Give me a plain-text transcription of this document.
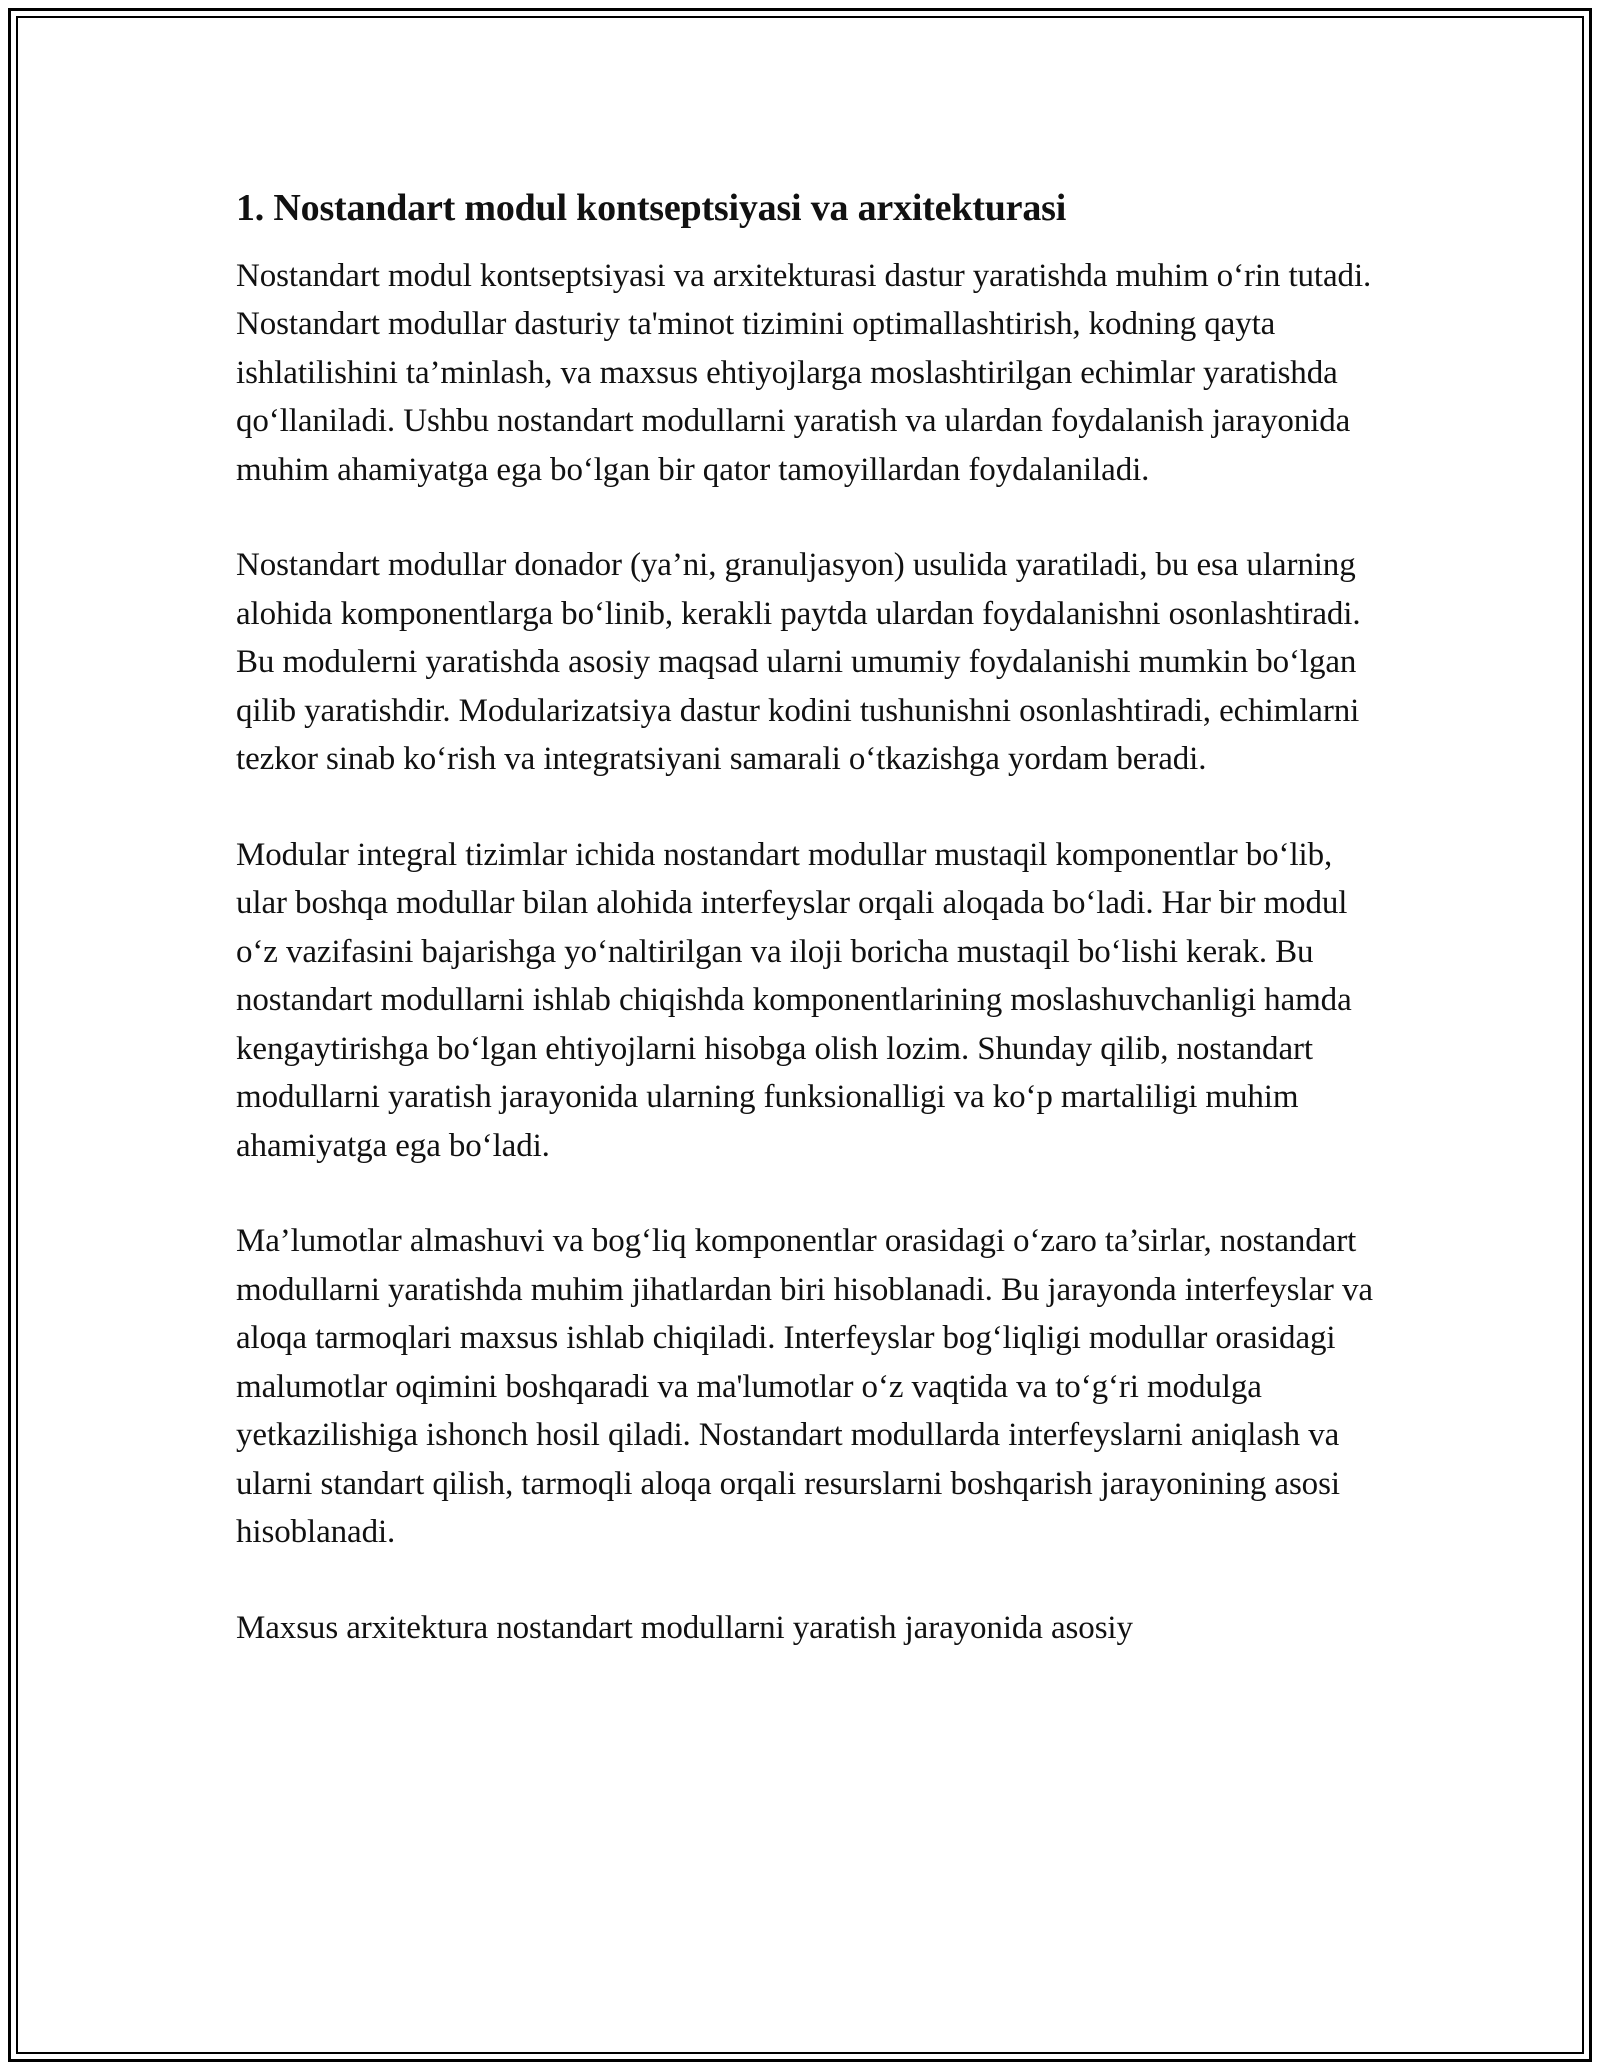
1. Nostandart modul kontseptsiyasi va arxitekturasi

Nostandart modul kontseptsiyasi va arxitekturasi dastur yaratishda muhim o‘rin tutadi. Nostandart modullar dasturiy ta'minot tizimini optimallashtirish, kodning qayta ishlatilishini ta’minlash, va maxsus ehtiyojlarga moslashtirilgan echimlar yaratishda qo‘llaniladi. Ushbu nostandart modullarni yaratish va ulardan foydalanish jarayonida muhim ahamiyatga ega bo‘lgan bir qator tamoyillardan foydalaniladi.

Nostandart modullar donador (ya’ni, granuljasyon) usulida yaratiladi, bu esa ularning alohida komponentlarga bo‘linib, kerakli paytda ulardan foydalanishni osonlashtiradi. Bu modulerni yaratishda asosiy maqsad ularni umumiy foydalanishi mumkin bo‘lgan qilib yaratishdir. Modularizatsiya dastur kodini tushunishni osonlashtiradi, echimlarni tezkor sinab ko‘rish va integratsiyani samarali o‘tkazishga yordam beradi.

Modular integral tizimlar ichida nostandart modullar mustaqil komponentlar bo‘lib, ular boshqa modullar bilan alohida interfeyslar orqali aloqada bo‘ladi. Har bir modul o‘z vazifasini bajarishga yo‘naltirilgan va iloji boricha mustaqil bo‘lishi kerak. Bu nostandart modullarni ishlab chiqishda komponentlarining moslashuvchanligi hamda kengaytirishga bo‘lgan ehtiyojlarni hisobga olish lozim. Shunday qilib, nostandart modullarni yaratish jarayonida ularning funksionalligi va ko‘p martaliligi muhim ahamiyatga ega bo‘ladi.

Ma’lumotlar almashuvi va bog‘liq komponentlar orasidagi o‘zaro ta’sirlar, nostandart modullarni yaratishda muhim jihatlardan biri hisoblanadi. Bu jarayonda interfeyslar va aloqa tarmoqlari maxsus ishlab chiqiladi. Interfeyslar bog‘liqligi modullar orasidagi malumotlar oqimini boshqaradi va ma'lumotlar o‘z vaqtida va to‘g‘ri modulga yetkazilishiga ishonch hosil qiladi. Nostandart modullarda interfeyslarni aniqlash va ularni standart qilish, tarmoqli aloqa orqali resurslarni boshqarish jarayonining asosi hisoblanadi.

Maxsus arxitektura nostandart modullarni yaratish jarayonida asosiy
